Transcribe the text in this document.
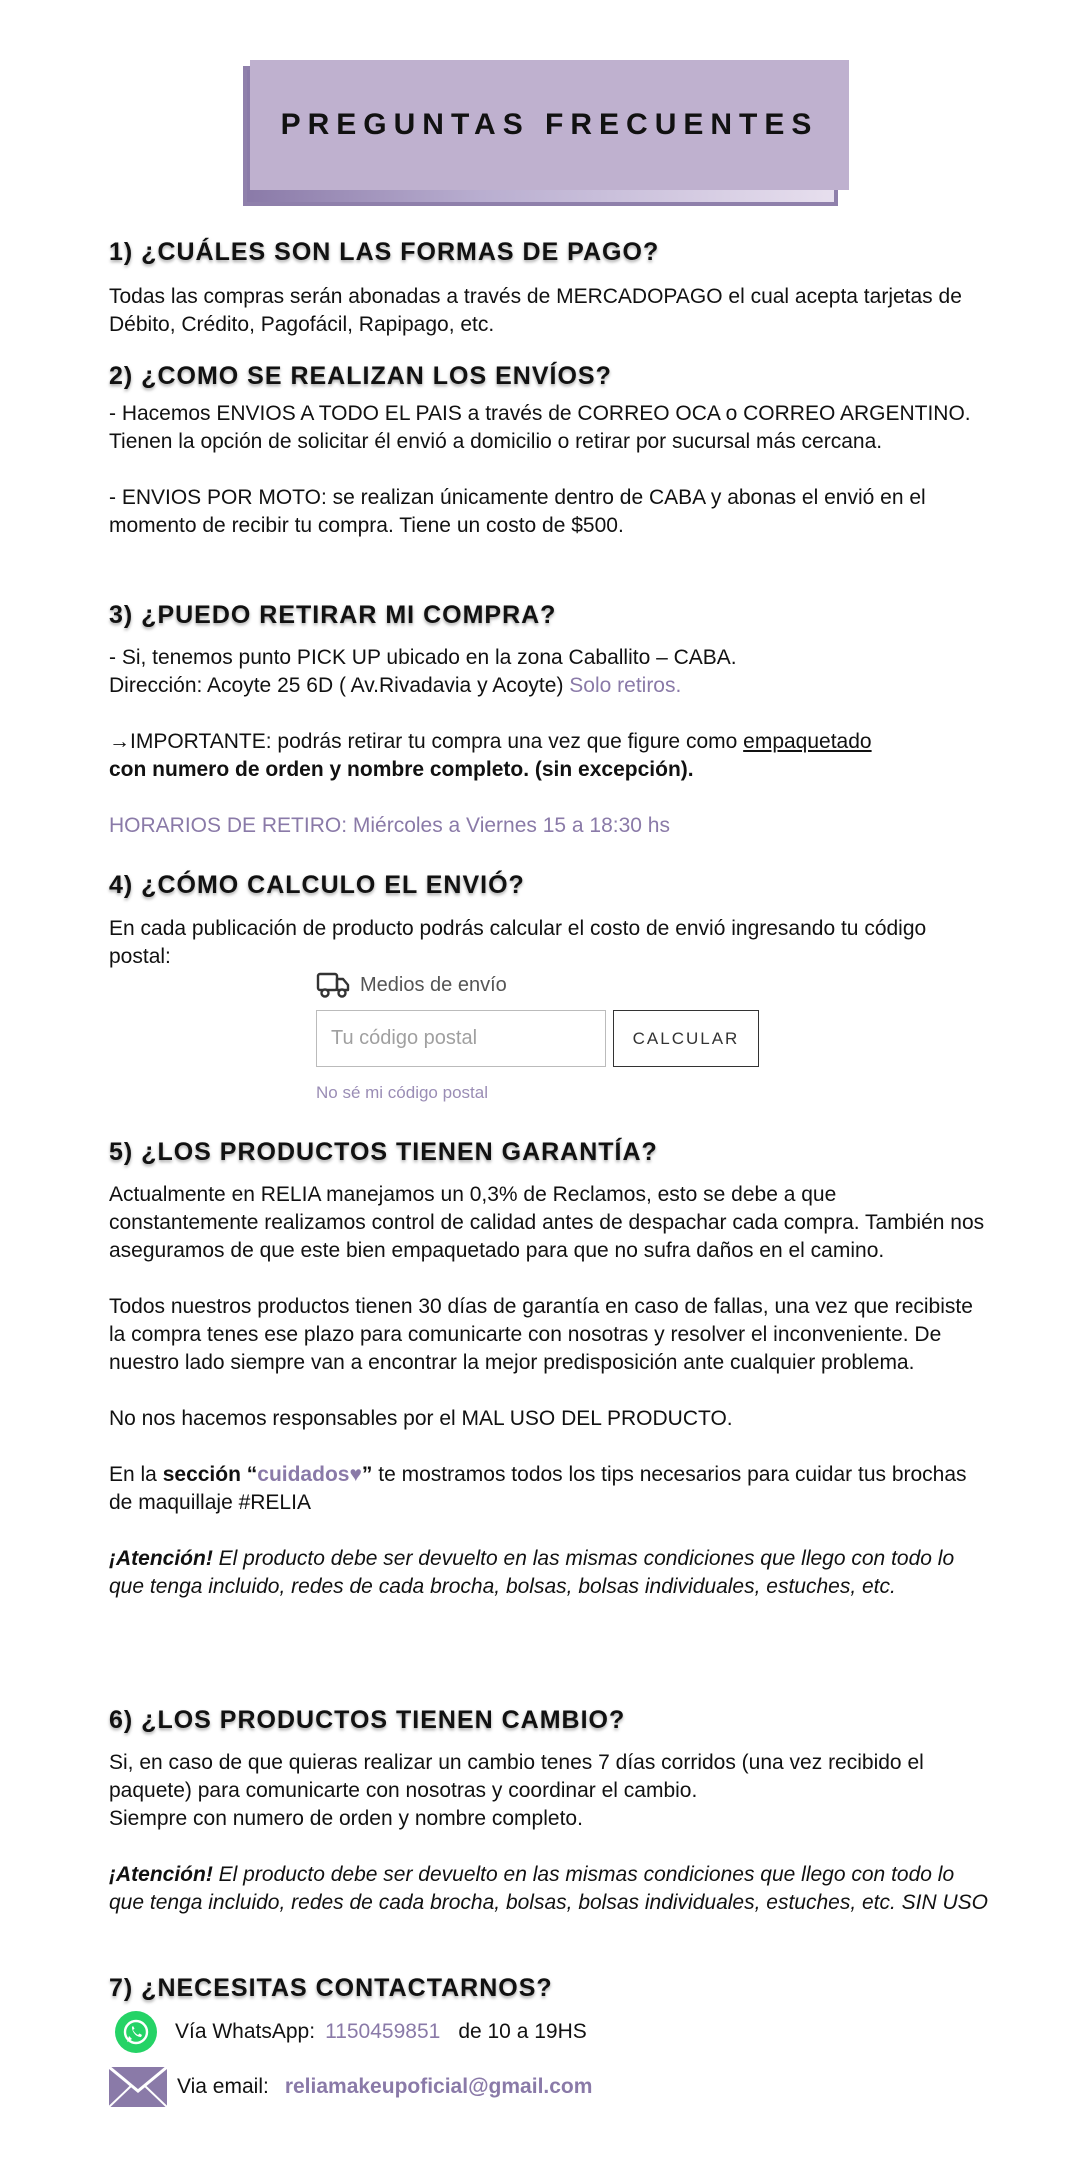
PREGUNTAS FRECUENTES
1) ¿CUÁLES SON LAS FORMAS DE PAGO?

Todas las compras serán abonadas a través de MERCADOPAGO el cual acepta tarjetas de Débito, Crédito, Pagofácil, Rapipago, etc.

2) ¿COMO SE REALIZAN LOS ENVÍOS?

- Hacemos ENVIOS A TODO EL PAIS a través de CORREO OCA o CORREO ARGENTINO. Tienen la opción de solicitar él envió a domicilio o retirar por sucursal más cercana.

- ENVIOS POR MOTO: se realizan únicamente dentro de CABA y abonas el envió en el momento de recibir tu compra. Tiene un costo de $500.

3) ¿PUEDO RETIRAR MI COMPRA?

- Si, tenemos punto PICK UP ubicado en la zona Caballito – CABA.

Dirección: Acoyte 25 6D ( Av.Rivadavia y Acoyte) Solo retiros.

→IMPORTANTE: podrás retirar tu compra una vez que figure como empaquetado
con numero de orden y nombre completo. (sin excepción).

HORARIOS DE RETIRO: Miércoles a Viernes 15 a 18:30 hs

4) ¿CÓMO CALCULO EL ENVIÓ?

En cada publicación de producto podrás calcular el costo de envió ingresando tu código postal:

Medios de envío
Tu código postal
CALCULAR
No sé mi código postal
5) ¿LOS PRODUCTOS TIENEN GARANTÍA?

Actualmente en RELIA manejamos un 0,3% de Reclamos, esto se debe a que constantemente realizamos control de calidad antes de despachar cada compra. También nos aseguramos de que este bien empaquetado para que no sufra daños en el camino.

Todos nuestros productos tienen 30 días de garantía en caso de fallas, una vez que recibiste la compra tenes ese plazo para comunicarte con nosotras y resolver el inconveniente. De nuestro lado siempre van a encontrar la mejor predisposición ante cualquier problema.

No nos hacemos responsables por el MAL USO DEL PRODUCTO.

En la sección “cuidados♥” te mostramos todos los tips necesarios para cuidar tus brochas de maquillaje #RELIA

¡Atención! El producto debe ser devuelto en las mismas condiciones que llego con todo lo que tenga incluido, redes de cada brocha, bolsas, bolsas individuales, estuches, etc.

6) ¿LOS PRODUCTOS TIENEN CAMBIO?

Si, en caso de que quieras realizar un cambio tenes 7 días corridos (una vez recibido el paquete) para comunicarte con nosotras y coordinar el cambio.

Siempre con numero de orden y nombre completo.

¡Atención! El producto debe ser devuelto en las mismas condiciones que llego con todo lo que tenga incluido, redes de cada brocha, bolsas, bolsas individuales, estuches, etc. SIN USO

7) ¿NECESITAS CONTACTARNOS?
Vía WhatsApp: 1150459851 de 10 a 19HS
Via email: reliamakeupoficial@gmail.com
